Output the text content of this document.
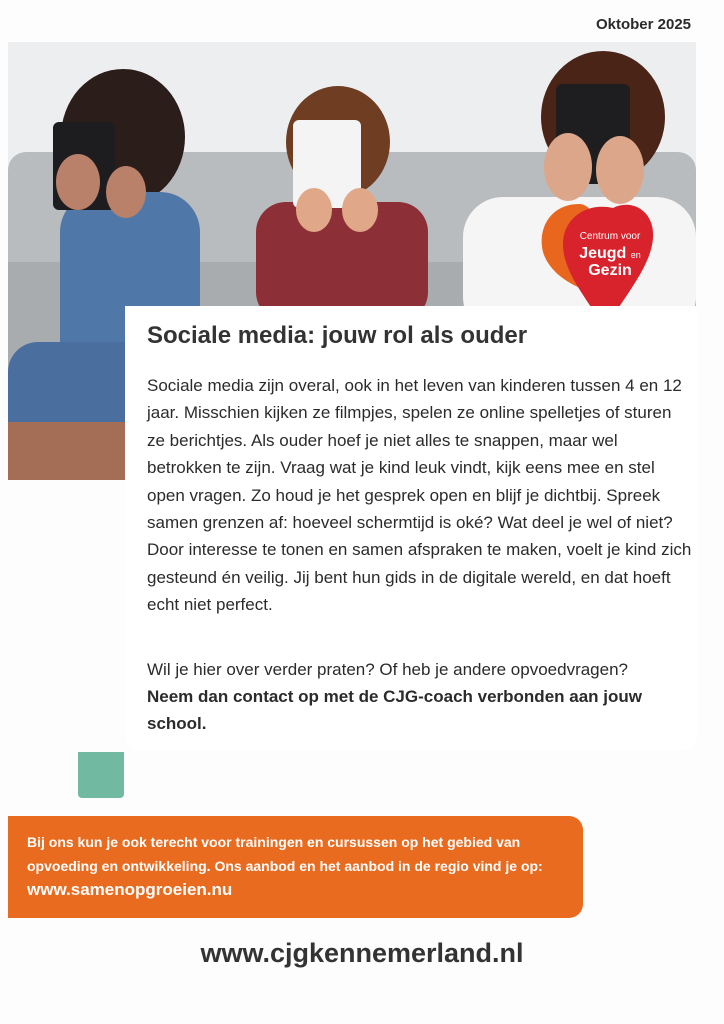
Oktober 2025

Centrum voor
Jeugd en
Gezin
Sociale media: jouw rol als ouder

Sociale media zijn overal, ook in het leven van kinderen tussen 4 en 12 jaar. Misschien kijken ze filmpjes, spelen ze online spelletjes of sturen ze berichtjes. Als ouder hoef je niet alles te snappen, maar wel betrokken te zijn. Vraag wat je kind leuk vindt, kijk eens mee en stel open vragen. Zo houd je het gesprek open en blijf je dichtbij. Spreek samen grenzen af: hoeveel schermtijd is oké? Wat deel je wel of niet? Door interesse te tonen en samen afspraken te maken, voelt je kind zich gesteund én veilig. Jij bent hun gids in de digitale wereld, en dat hoeft echt niet perfect.

Wil je hier over verder praten? Of heb je andere opvoedvragen?
Neem dan contact op met de CJG-coach verbonden aan jouw school.

Bij ons kun je ook terecht voor trainingen en cursussen op het gebied van opvoeding en ontwikkeling. Ons aanbod en het aanbod in de regio vind je op: www.samenopgroeien.nu

www.cjgkennemerland.nl
